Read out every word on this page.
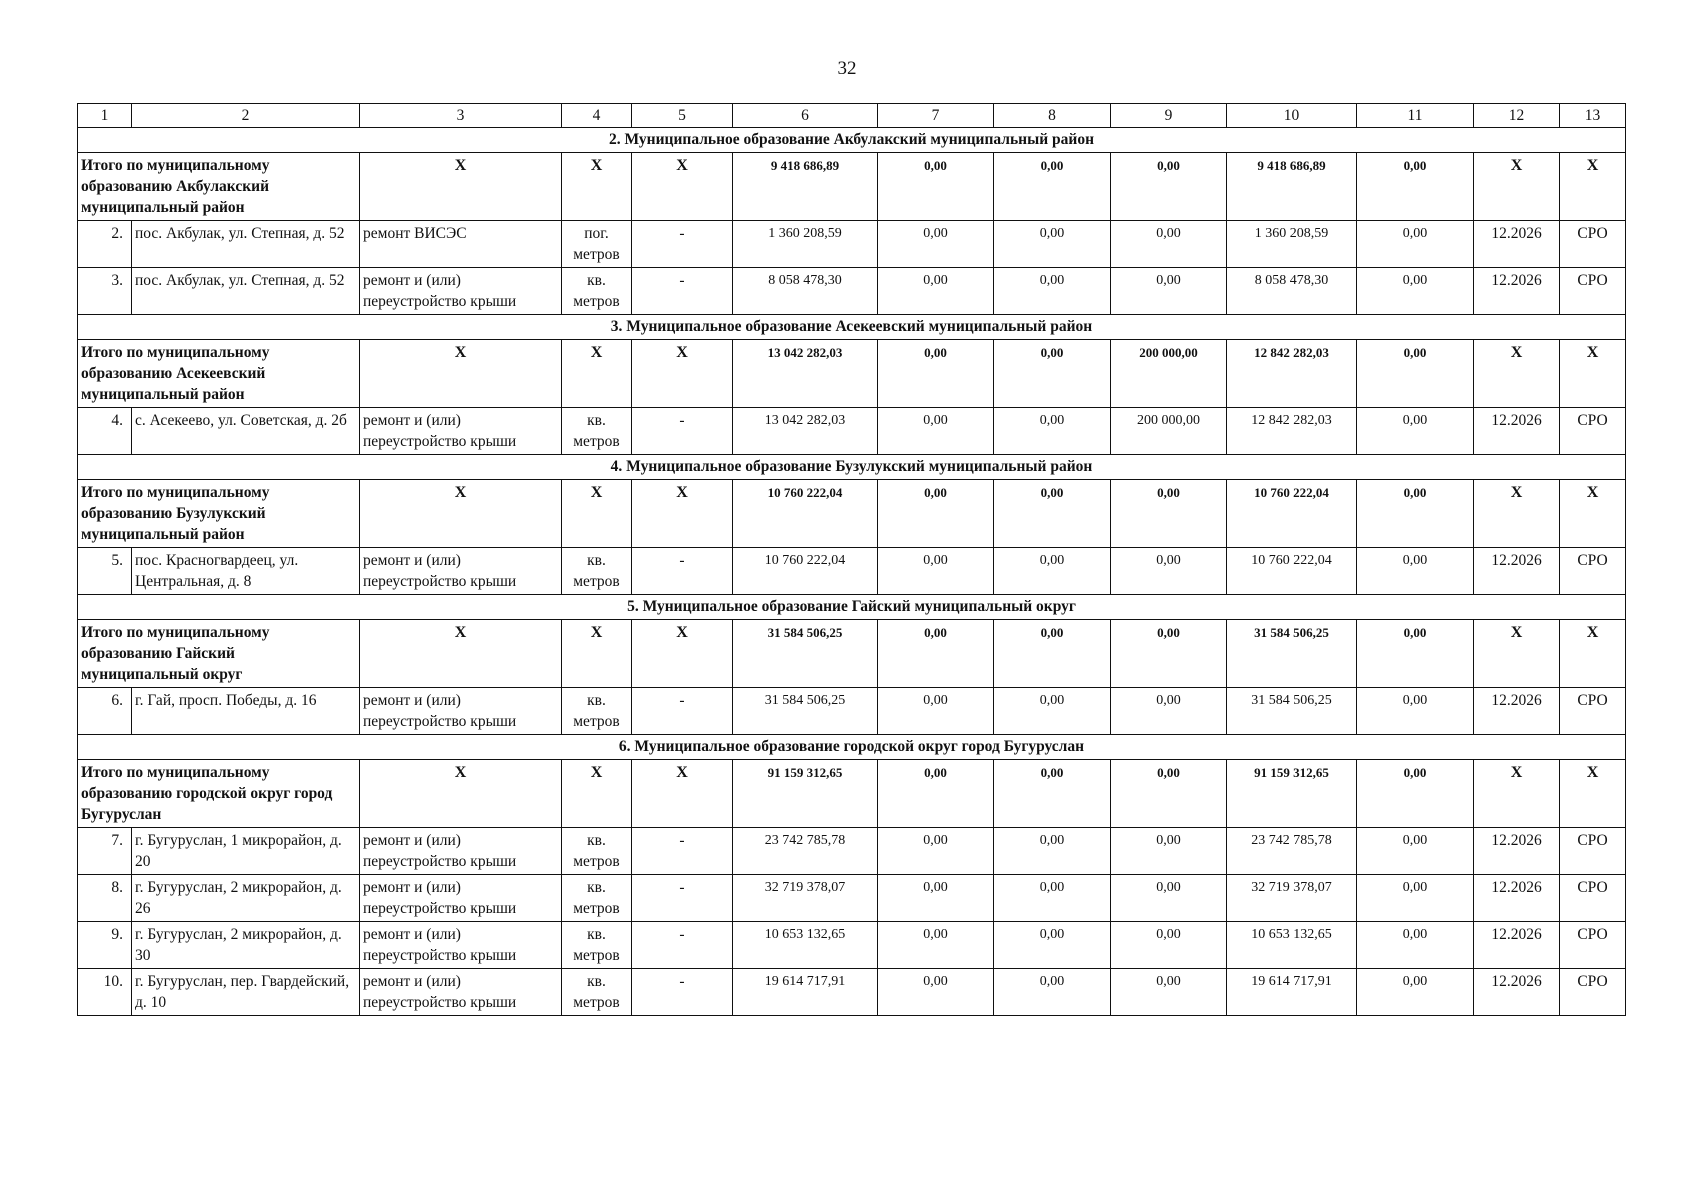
32
1	2	3	4	5	6	7	8	9	10	11	12	13
2. Муниципальное образование Акбулакский муниципальный район												
Итого по муниципальному образованию Акбулакский муниципальный район		X	X	X	9 418 686,89	0,00	0,00	0,00	9 418 686,89	0,00	X	X
2.	пос. Акбулак, ул. Степная, д. 52	ремонт ВИСЭС	пог. метров	-	1 360 208,59	0,00	0,00	0,00	1 360 208,59	0,00	12.2026	СРО
3.	пос. Акбулак, ул. Степная, д. 52	ремонт и (или) переустройство крыши	кв. метров	-	8 058 478,30	0,00	0,00	0,00	8 058 478,30	0,00	12.2026	СРО
3. Муниципальное образование Асекеевский муниципальный район												
Итого по муниципальному образованию Асекеевский муниципальный район		X	X	X	13 042 282,03	0,00	0,00	200 000,00	12 842 282,03	0,00	X	X
4.	с. Асекеево, ул. Советская, д. 2б	ремонт и (или) переустройство крыши	кв. метров	-	13 042 282,03	0,00	0,00	200 000,00	12 842 282,03	0,00	12.2026	СРО
4. Муниципальное образование Бузулукский муниципальный район												
Итого по муниципальному образованию Бузулукский муниципальный район		X	X	X	10 760 222,04	0,00	0,00	0,00	10 760 222,04	0,00	X	X
5.	пос. Красногвардеец, ул. Центральная, д. 8	ремонт и (или) переустройство крыши	кв. метров	-	10 760 222,04	0,00	0,00	0,00	10 760 222,04	0,00	12.2026	СРО
5. Муниципальное образование Гайский муниципальный округ												
Итого по муниципальному образованию Гайский муниципальный округ		X	X	X	31 584 506,25	0,00	0,00	0,00	31 584 506,25	0,00	X	X
6.	г. Гай, просп. Победы, д. 16	ремонт и (или) переустройство крыши	кв. метров	-	31 584 506,25	0,00	0,00	0,00	31 584 506,25	0,00	12.2026	СРО
6. Муниципальное образование городской округ город Бугуруслан												
Итого по муниципальному образованию городской округ город Бугуруслан		X	X	X	91 159 312,65	0,00	0,00	0,00	91 159 312,65	0,00	X	X
7.	г. Бугуруслан, 1 микрорайон, д. 20	ремонт и (или) переустройство крыши	кв. метров	-	23 742 785,78	0,00	0,00	0,00	23 742 785,78	0,00	12.2026	СРО
8.	г. Бугуруслан, 2 микрорайон, д. 26	ремонт и (или) переустройство крыши	кв. метров	-	32 719 378,07	0,00	0,00	0,00	32 719 378,07	0,00	12.2026	СРО
9.	г. Бугуруслан, 2 микрорайон, д. 30	ремонт и (или) переустройство крыши	кв. метров	-	10 653 132,65	0,00	0,00	0,00	10 653 132,65	0,00	12.2026	СРО
10.	г. Бугуруслан, пер. Гвардейский, д. 10	ремонт и (или) переустройство крыши	кв. метров	-	19 614 717,91	0,00	0,00	0,00	19 614 717,91	0,00	12.2026	СРО
